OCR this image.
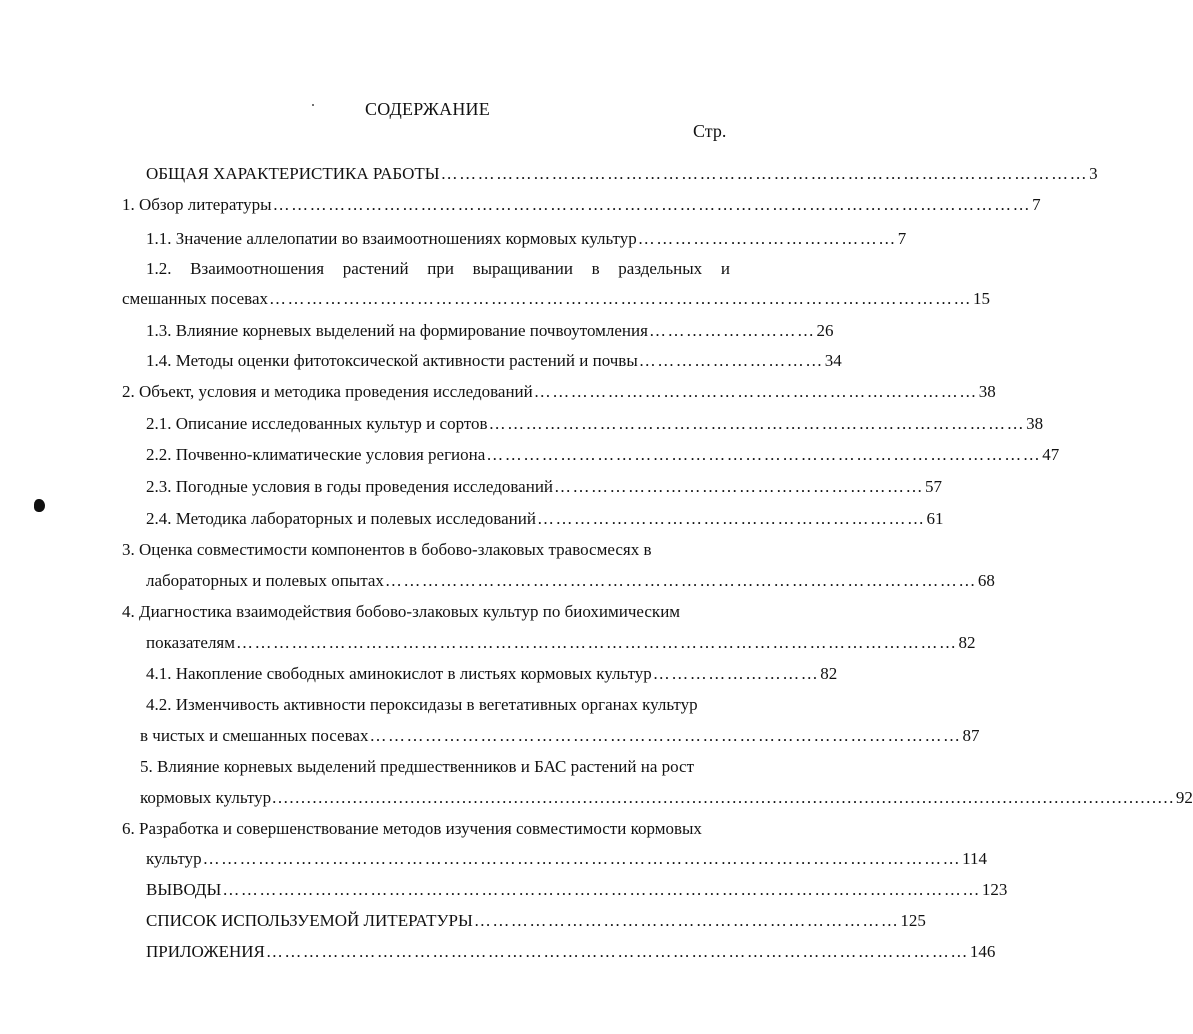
СОДЕРЖАНИЕ
Стр.
ОБЩАЯ ХАРАКТЕРИСТИКА РАБОТЫ …………………………………………………………………………………………… 3
1. Обзор литературы …………………………………………………………………………………………………………… 7
1.1. Значение аллелопатии во взаимоотношениях кормовых культур …………………………………… 7
1.2. Взаимоотношения растений при выращивании в раздельных и
смешанных посевах …………………………………………………………………………………………………… 15
1.3. Влияние корневых выделений на формирование почвоутомления ……………………… 26
1.4. Методы оценки фитотоксической активности растений и почвы ………………………… 34
2. Объект, условия и методика проведения исследований ……………………………………………………………… 38
2.1. Описание исследованных культур и сортов …………………………………………………………………………… 38
2.2. Почвенно-климатические условия региона ……………………………………………………………………………… 47
2.3. Погодные условия в годы проведения исследований …………………………………………………… 57
2.4. Методика лабораторных и полевых исследований ……………………………………………………… 61
3. Оценка совместимости компонентов в бобово-злаковых травосмесях в
лабораторных и полевых опытах …………………………………………………………………………………… 68
4. Диагностика взаимодействия бобово-злаковых культур по биохимическим
показателям ……………………………………………………………………………………………………… 82
4.1. Накопление свободных аминокислот в листьях кормовых культур ……………………… 82
4.2. Изменчивость активности пероксидазы в вегетативных органах культур
в чистых и смешанных посевах …………………………………………………………………………………… 87
5. Влияние корневых выделений предшественников и БАС растений на рост
кормовых культур ............................................................................................................................................................. 92
6. Разработка и совершенствование методов изучения совместимости кормовых
культур …………………………………………………………………………………………………………… 114
ВЫВОДЫ …………………………………………………………………………………………………………… 123
СПИСОК ИСПОЛЬЗУЕМОЙ ЛИТЕРАТУРЫ …………………………………………………………… 125
ПРИЛОЖЕНИЯ …………………………………………………………………………………………………… 146
